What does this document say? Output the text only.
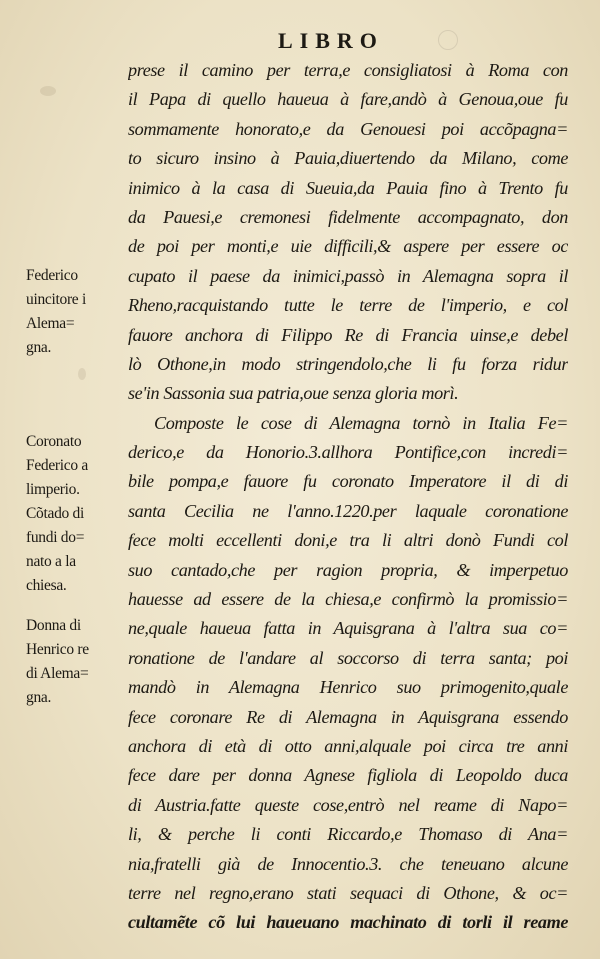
LIBRO
prese il camino per terra,e consigliatosi à Roma con
il Papa di quello haueua à fare,andò à Genoua,oue fu
sommamente honorato,e da Genouesi poi accõpagna=
to sicuro insino à Pauia,diuertendo da Milano, come
inimico à la casa di Sueuia,da Pauia fino à Trento fu
da Pauesi,e cremonesi fidelmente accompagnato, don
de poi per monti,e uie difficili,& aspere per essere oc
cupato il paese da inimici,passò in Alemagna sopra il
Rheno,racquistando tutte le terre de l'imperio, e col
fauore anchora di Filippo Re di Francia uinse,e debel
lò Othone,in modo stringendolo,che li fu forza ridur
se'in Sassonia sua patria,oue senza gloria morì.
Composte le cose di Alemagna tornò in Italia Fe=
derico,e da Honorio.3.allhora Pontifice,con incredi=
bile pompa,e fauore fu coronato Imperatore il di di
santa Cecilia ne l'anno.1220.per laquale coronatione
fece molti eccellenti doni,e tra li altri donò Fundi col
suo cantado,che per ragion propria, & imperpetuo
hauesse ad essere de la chiesa,e confirmò la promissio=
ne,quale haueua fatta in Aquisgrana à l'altra sua co=
ronatione de l'andare al soccorso di terra santa; poi
mandò in Alemagna Henrico suo primogenito,quale
fece coronare Re di Alemagna in Aquisgrana essendo
anchora di età di otto anni,alquale poi circa tre anni
fece dare per donna Agnese figliola di Leopoldo duca
di Austria.fatte queste cose,entrò nel reame di Napo=
li, & perche li conti Riccardo,e Thomaso di Ana=
nia,fratelli già de Innocentio.3. che teneuano alcune
terre nel regno,erano stati sequaci di Othone, & oc=
cultamẽte cõ lui haueuano machinato di torli il reame
Federico
uincitore i
Alema=
gna.
Coronato
Federico a
limperio.
Cõtado di
fundi do=
nato a la
chiesa.
Donna di
Henrico re
di Alema=
gna.
